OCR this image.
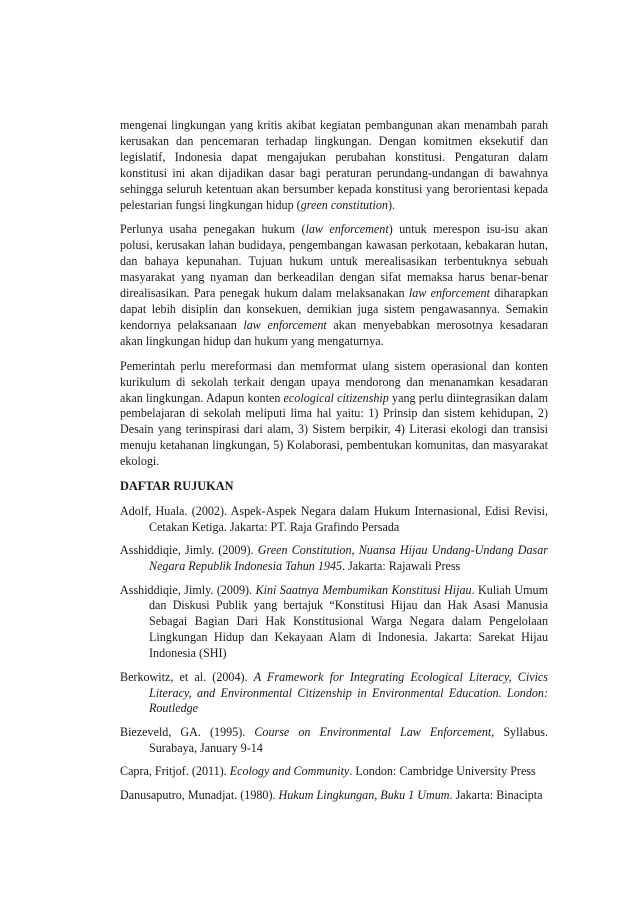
mengenai lingkungan yang kritis akibat kegiatan pembangunan akan menambah parah kerusakan dan pencemaran terhadap lingkungan. Dengan komitmen eksekutif dan legislatif, Indonesia dapat mengajukan perubahan konstitusi. Pengaturan dalam konstitusi ini akan dijadikan dasar bagi peraturan perundang-undangan di bawahnya sehingga seluruh ketentuan akan bersumber kepada konstitusi yang berorientasi kepada pelestarian fungsi lingkungan hidup (green constitution).

Perlunya usaha penegakan hukum (law enforcement) untuk merespon isu-isu akan polusi, kerusakan lahan budidaya, pengembangan kawasan perkotaan, kebakaran hutan, dan bahaya kepunahan. Tujuan hukum untuk merealisasikan terbentuknya sebuah masyarakat yang nyaman dan berkeadilan dengan sifat memaksa harus benar-benar direalisasikan. Para penegak hukum dalam melaksanakan law enforcement diharapkan dapat lebih disiplin dan konsekuen, demikian juga sistem pengawasannya. Semakin kendornya pelaksanaan law enforcement akan menyebabkan merosotnya kesadaran akan lingkungan hidup dan hukum yang mengaturnya.

Pemerintah perlu mereformasi dan memformat ulang sistem operasional dan konten kurikulum di sekolah terkait dengan upaya mendorong dan menanamkan kesadaran akan lingkungan. Adapun konten ecological citizenship yang perlu diintegrasikan dalam pembelajaran di sekolah meliputi lima hal yaitu: 1) Prinsip dan sistem kehidupan, 2) Desain yang terinspirasi dari alam, 3) Sistem berpikir, 4) Literasi ekologi dan transisi menuju ketahanan lingkungan, 5) Kolaborasi, pembentukan komunitas, dan masyarakat ekologi.

DAFTAR RUJUKAN
Adolf, Huala. (2002). Aspek-Aspek Negara dalam Hukum Internasional, Edisi Revisi, Cetakan Ketiga. Jakarta: PT. Raja Grafindo Persada
Asshiddiqie, Jimly. (2009). Green Constitution, Nuansa Hijau Undang-Undang Dasar Negara Republik Indonesia Tahun 1945. Jakarta: Rajawali Press
Asshiddiqie, Jimly. (2009). Kini Saatnya Membumikan Konstitusi Hijau. Kuliah Umum dan Diskusi Publik yang bertajuk “Konstitusi Hijau dan Hak Asasi Manusia Sebagai Bagian Dari Hak Konstitusional Warga Negara dalam Pengelolaan Lingkungan Hidup dan Kekayaan Alam di Indonesia. Jakarta: Sarekat Hijau Indonesia (SHI)
Berkowitz, et al. (2004). A Framework for Integrating Ecological Literacy, Civics Literacy, and Environmental Citizenship in Environmental Education. London: Routledge
Biezeveld, GA. (1995). Course on Environmental Law Enforcement, Syllabus. Surabaya, January 9-14
Capra, Fritjof. (2011). Ecology and Community. London: Cambridge University Press
Danusaputro, Munadjat. (1980). Hukum Lingkungan, Buku 1 Umum. Jakarta: Binacipta
